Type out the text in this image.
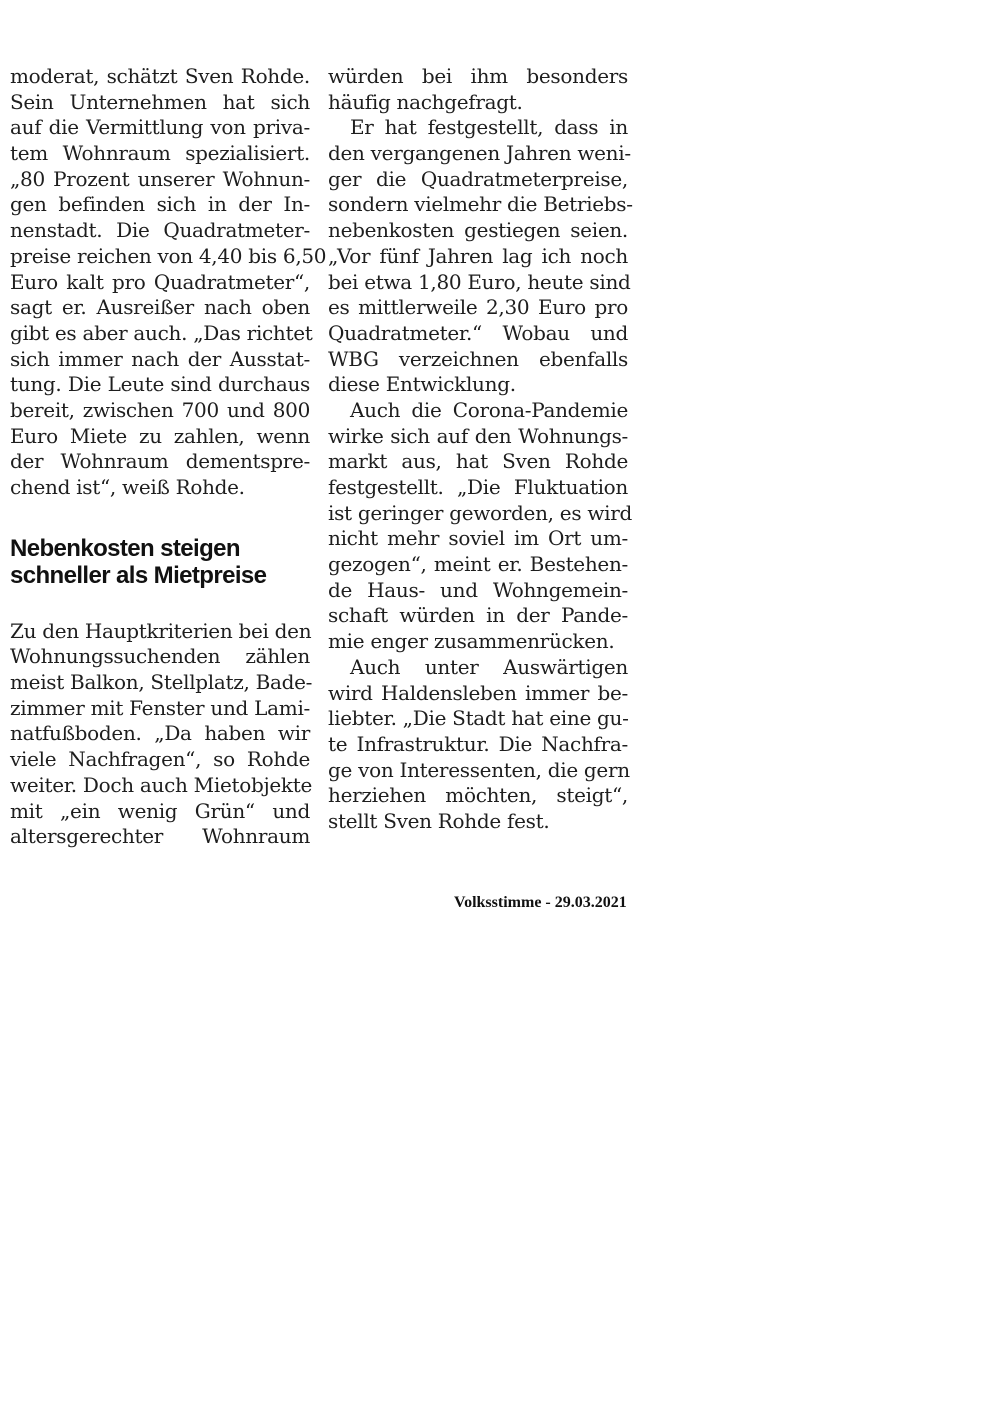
moderat, schätzt Sven Rohde.
Sein Unternehmen hat sich
auf die Vermittlung von priva-
tem Wohnraum spezialisiert.
„80 Prozent unserer Wohnun-
gen befinden sich in der In-
nenstadt. Die Quadratmeter-
preise reichen von 4,40 bis 6,50
Euro kalt pro Quadratmeter“,
sagt er. Ausreißer nach oben
gibt es aber auch. „Das richtet
sich immer nach der Ausstat-
tung. Die Leute sind durchaus
bereit, zwischen 700 und 800
Euro Miete zu zahlen, wenn
der Wohnraum dementspre-
chend ist“, weiß Rohde.
Nebenkosten steigen
schneller als Mietpreise
Zu den Hauptkriterien bei den
Wohnungssuchenden zählen
meist Balkon, Stellplatz, Bade-
zimmer mit Fenster und Lami-
natfußboden. „Da haben wir
viele Nachfragen“, so Rohde
weiter. Doch auch Mietobjekte
mit „ein wenig Grün“ und
altersgerechter Wohnraum
würden bei ihm besonders
häufig nachgefragt.
Er hat festgestellt, dass in
den vergangenen Jahren weni-
ger die Quadratmeterpreise,
sondern vielmehr die Betriebs-
nebenkosten gestiegen seien.
„Vor fünf Jahren lag ich noch
bei etwa 1,80 Euro, heute sind
es mittlerweile 2,30 Euro pro
Quadratmeter.“ Wobau und
WBG verzeichnen ebenfalls
diese Entwicklung.
Auch die Corona-Pandemie
wirke sich auf den Wohnungs-
markt aus, hat Sven Rohde
festgestellt. „Die Fluktuation
ist geringer geworden, es wird
nicht mehr soviel im Ort um-
gezogen“, meint er. Bestehen-
de Haus- und Wohngemein-
schaft würden in der Pande-
mie enger zusammenrücken.
Auch unter Auswärtigen
wird Haldensleben immer be-
liebter. „Die Stadt hat eine gu-
te Infrastruktur. Die Nachfra-
ge von Interessenten, die gern
herziehen möchten, steigt“,
stellt Sven Rohde fest.
Volksstimme - 29.03.2021
